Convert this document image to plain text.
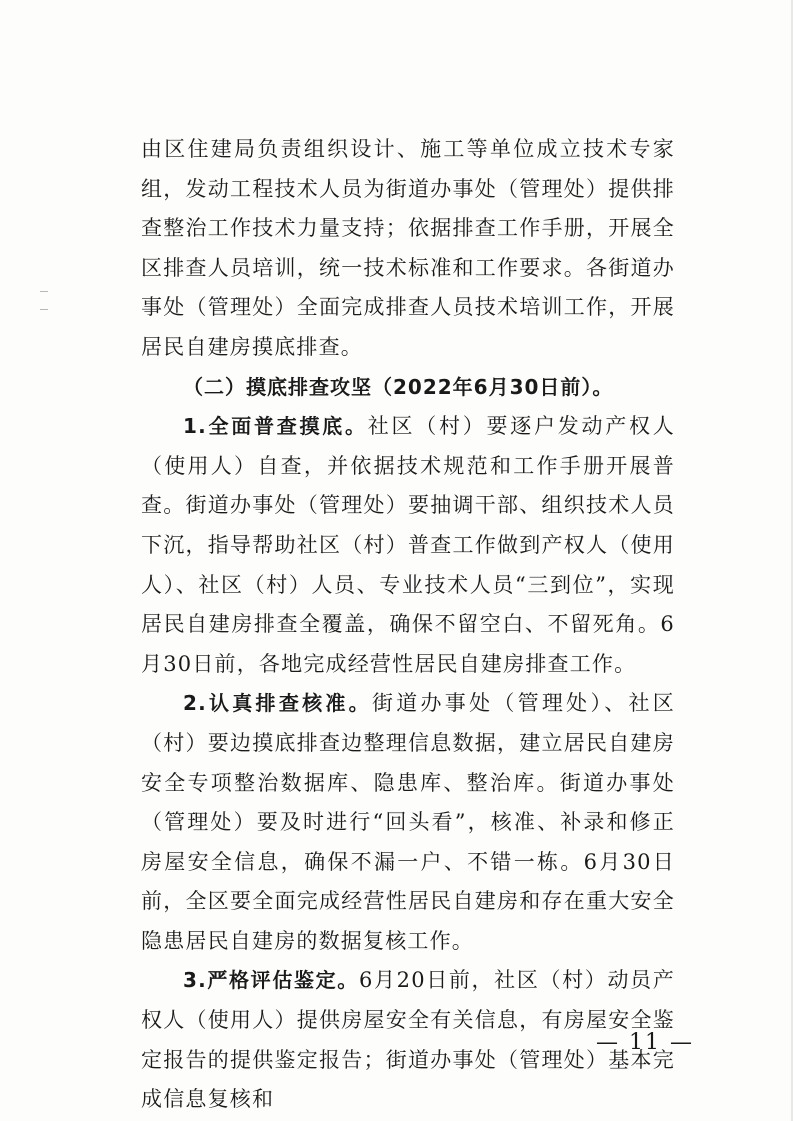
由区住建局负责组织设计、施工等单位成立技术专家组，发动工程技术人员为街道办事处（管理处）提供排查整治工作技术力量支持；依据排查工作手册，开展全区排查人员培训，统一技术标准和工作要求。各街道办事处（管理处）全面完成排查人员技术培训工作，开展居民自建房摸底排查。

（二）摸底排查攻坚（2022年6月30日前）。

1.全面普查摸底。社区（村）要逐户发动产权人（使用人）自查，并依据技术规范和工作手册开展普查。街道办事处（管理处）要抽调干部、组织技术人员下沉，指导帮助社区（村）普查工作做到产权人（使用人）、社区（村）人员、专业技术人员“三到位”，实现居民自建房排查全覆盖，确保不留空白、不留死角。6月30日前，各地完成经营性居民自建房排查工作。

2.认真排查核准。街道办事处（管理处）、社区（村）要边摸底排查边整理信息数据，建立居民自建房安全专项整治数据库、隐患库、整治库。街道办事处（管理处）要及时进行“回头看”，核准、补录和修正房屋安全信息，确保不漏一户、不错一栋。6月30日前，全区要全面完成经营性居民自建房和存在重大安全隐患居民自建房的数据复核工作。

3.严格评估鉴定。6月20日前，社区（村）动员产权人（使用人）提供房屋安全有关信息，有房屋安全鉴定报告的提供鉴定报告；街道办事处（管理处）基本完成信息复核和

— 11 —
